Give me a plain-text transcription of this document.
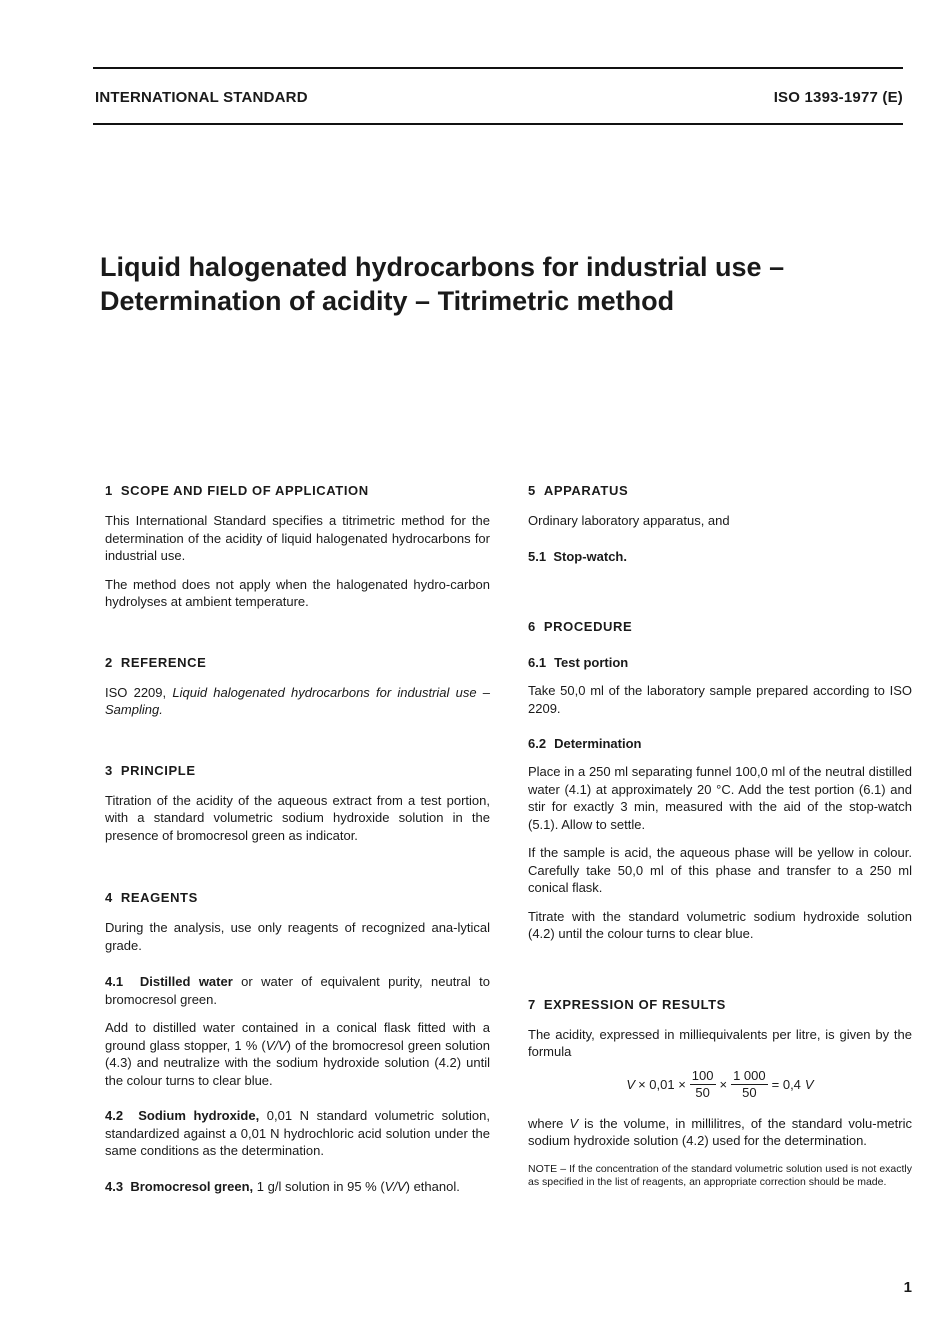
INTERNATIONAL STANDARD	ISO 1393-1977 (E)
Liquid halogenated hydrocarbons for industrial use –
Determination of acidity – Titrimetric method
1 SCOPE AND FIELD OF APPLICATION

This International Standard specifies a titrimetric method for the determination of the acidity of liquid halogenated hydrocarbons for industrial use.

The method does not apply when the halogenated hydro-carbon hydrolyses at ambient temperature.

2 REFERENCE

ISO 2209, Liquid halogenated hydrocarbons for industrial use – Sampling.

3 PRINCIPLE

Titration of the acidity of the aqueous extract from a test portion, with a standard volumetric sodium hydroxide solution in the presence of bromocresol green as indicator.

4 REAGENTS

During the analysis, use only reagents of recognized ana-lytical grade.

4.1 Distilled water or water of equivalent purity, neutral to bromocresol green.

Add to distilled water contained in a conical flask fitted with a ground glass stopper, 1 % (V/V) of the bromocresol green solution (4.3) and neutralize with the sodium hydroxide solution (4.2) until the colour turns to clear blue.

4.2 Sodium hydroxide, 0,01 N standard volumetric solution, standardized against a 0,01 N hydrochloric acid solution under the same conditions as the determination.

4.3 Bromocresol green, 1 g/l solution in 95 % (V/V) ethanol.

5 APPARATUS

Ordinary laboratory apparatus, and

5.1 Stop-watch.

6 PROCEDURE
6.1 Test portion

Take 50,0 ml of the laboratory sample prepared according to ISO 2209.

6.2 Determination

Place in a 250 ml separating funnel 100,0 ml of the neutral distilled water (4.1) at approximately 20 °C. Add the test portion (6.1) and stir for exactly 3 min, measured with the aid of the stop-watch (5.1). Allow to settle.

If the sample is acid, the aqueous phase will be yellow in colour. Carefully take 50,0 ml of this phase and transfer to a 250 ml conical flask.

Titrate with the standard volumetric sodium hydroxide solution (4.2) until the colour turns to clear blue.

7 EXPRESSION OF RESULTS

The acidity, expressed in milliequivalents per litre, is given by the formula

$V \times 0,01 \times \frac{100}{50} \times \frac{1 000}{50} = 0,4$ V

where V is the volume, in millilitres, of the standard volu-metric sodium hydroxide solution (4.2) used for the determination.

NOTE – If the concentration of the standard volumetric solution used is not exactly as specified in the list of reagents, an appropriate correction should be made.

1
